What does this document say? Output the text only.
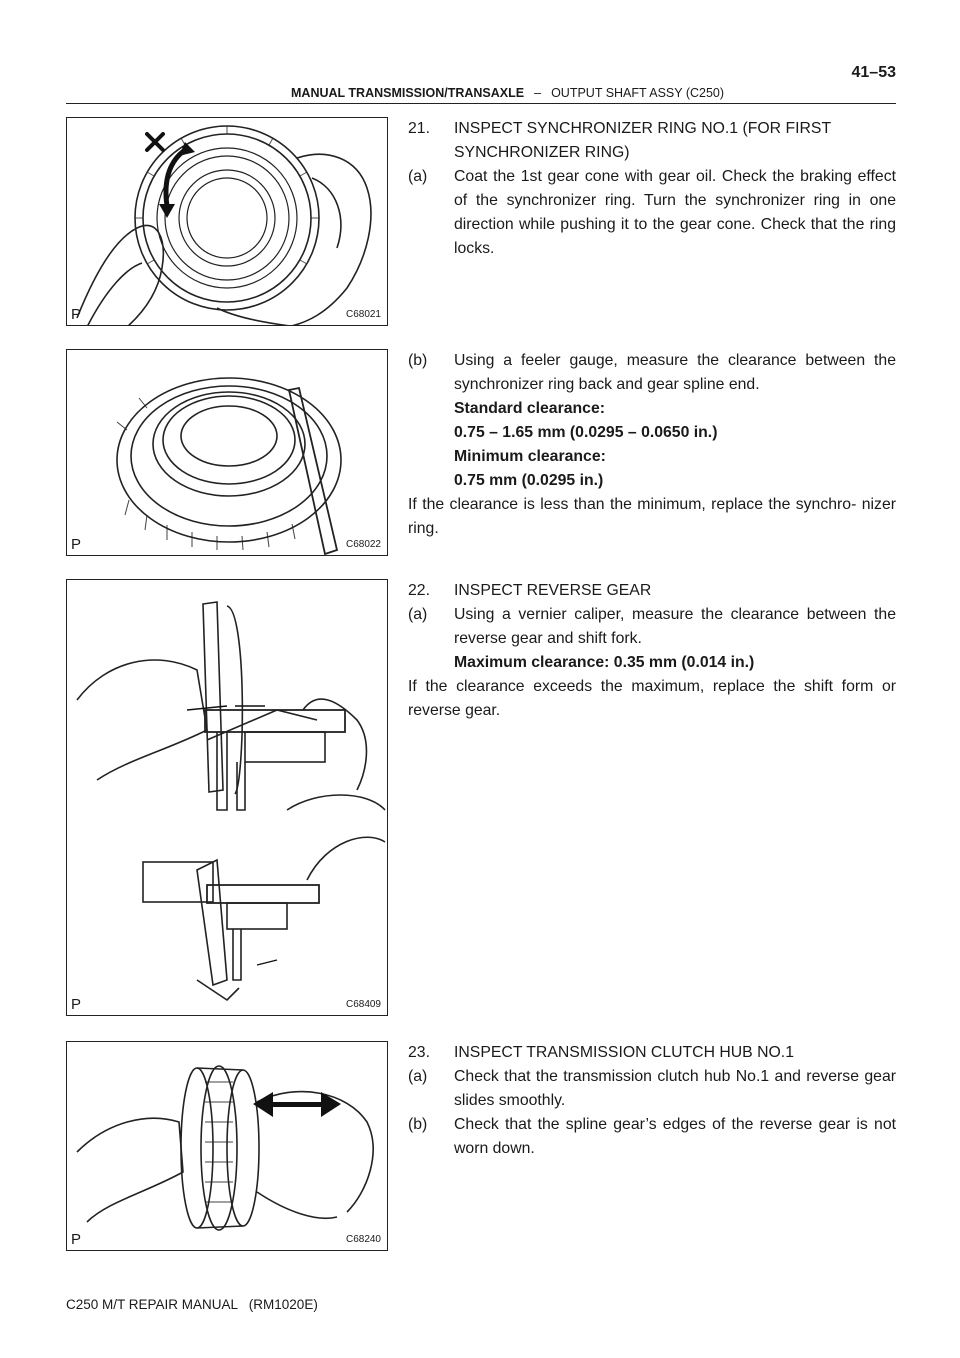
MANUAL TRANSMISSION/TRANSAXLE – OUTPUT SHAFT ASSY (C250)
41–53
P	C68021
P	C68022
P	C68409
P	C68240
21.	INSPECT SYNCHRONIZER RING NO.1 (FOR FIRST
SYNCHRONIZER RING)
(a)	Coat the 1st gear cone with gear oil. Check the braking effect of the synchronizer ring. Turn the synchronizer ring in one direction while pushing it to the gear cone. Check that the ring locks.
(b)	Using a feeler gauge, measure the clearance between the synchronizer ring back and gear spline end.
Standard clearance:
0.75 – 1.65 mm (0.0295 – 0.0650 in.)
Minimum clearance:
0.75 mm (0.0295 in.)
If the clearance is less than the minimum, replace the synchro- nizer ring.
22.	INSPECT REVERSE GEAR
(a)	Using a vernier caliper, measure the clearance between the reverse gear and shift fork.
Maximum clearance: 0.35 mm (0.014 in.)
If the clearance exceeds the maximum, replace the shift form or reverse gear.
23.	INSPECT TRANSMISSION CLUTCH HUB NO.1
(a)	Check that the transmission clutch hub No.1 and reverse gear slides smoothly.
(b)	Check that the spline gear’s edges of the reverse gear is not worn down.
C250 M/T REPAIR MANUAL   (RM1020E)
